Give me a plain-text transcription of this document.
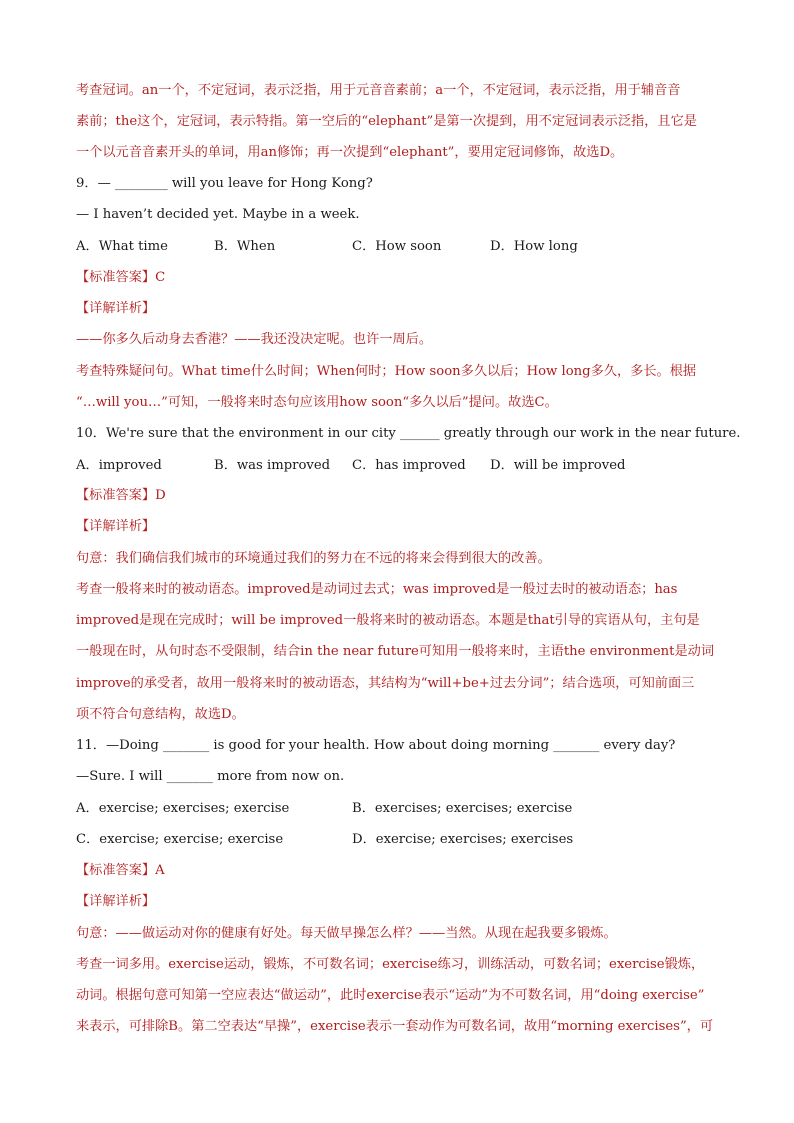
考查冠词。an一个，不定冠词，表示泛指，用于元音音素前；a一个，不定冠词，表示泛指，用于辅音音
素前；the这个，定冠词，表示特指。第一空后的“elephant”是第一次提到，用不定冠词表示泛指，且它是
一个以元音音素开头的单词，用an修饰；再一次提到“elephant”，要用定冠词修饰，故选D。
9．— ________ will you leave for Hong Kong?
— I haven’t decided yet. Maybe in a week.
A．What time	B．When	C．How soon	D．How long
【标准答案】C
【详解详析】
——你多久后动身去香港？——我还没决定呢。也许一周后。
考查特殊疑问句。What time什么时间；When何时；How soon多久以后；How long多久，多长。根据
“…will you…”可知，一般将来时态句应该用how soon“多久以后”提问。故选C。
10．We're sure that the environment in our city ______ greatly through our work in the near future.
A．improved	B．was improved C．has improved D．will be improved
【标准答案】D
【详解详析】
句意：我们确信我们城市的环境通过我们的努力在不远的将来会得到很大的改善。
考查一般将来时的被动语态。improved是动词过去式；was improved是一般过去时的被动语态；has
improved是现在完成时；will be improved一般将来时的被动语态。本题是that引导的宾语从句，主句是
一般现在时，从句时态不受限制，结合in the near future可知用一般将来时，主语the environment是动词
improve的承受者，故用一般将来时的被动语态，其结构为“will+be+过去分词”；结合选项，可知前面三
项不符合句意结构，故选D。
11．—Doing _______ is good for your health. How about doing morning _______ every day?
—Sure. I will _______ more from now on.
A．exercise; exercises; exercise	B．exercises; exercises; exercise
C．exercise; exercise; exercise	D．exercise; exercises; exercises
【标准答案】A
【详解详析】
句意：——做运动对你的健康有好处。每天做早操怎么样？——当然。从现在起我要多锻炼。
考查一词多用。exercise运动，锻炼，不可数名词；exercise练习，训练活动，可数名词；exercise锻炼，
动词。根据句意可知第一空应表达“做运动”，此时exercise表示“运动”为不可数名词，用“doing exercise”
来表示，可排除B。第二空表达“早操”，exercise表示一套动作为可数名词，故用“morning exercises”，可
